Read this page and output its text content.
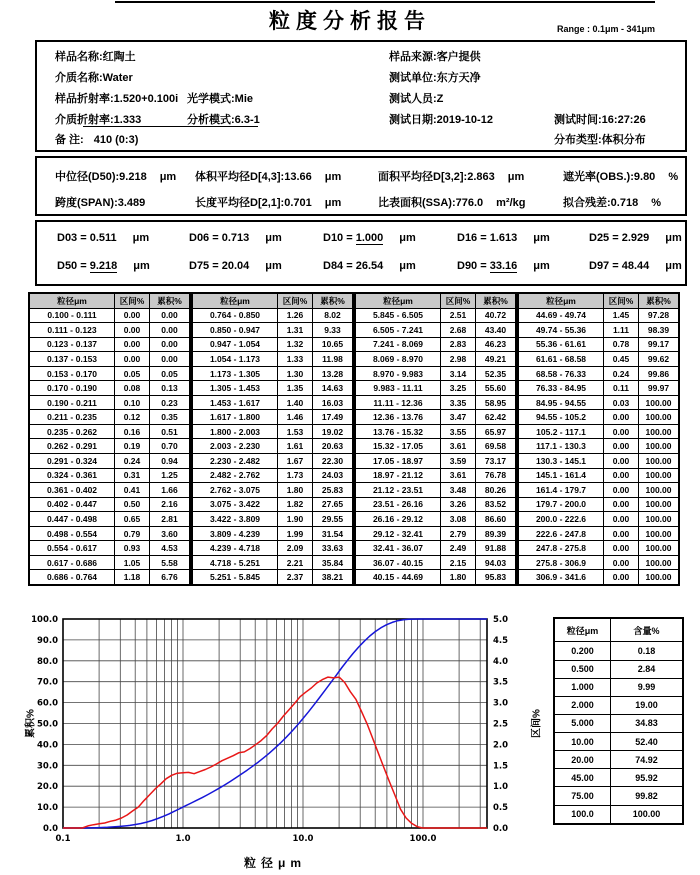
粒度分析报告	Range : 0.1μm - 341μm
样品名称:红陶土	样品来源:客户提供
介质名称:Water	测试单位:东方天净
样品折射率:1.520+0.100i 光学模式:Mie	测试人员:Z
介质折射率:1.333	分析模式:6.3-1	测试日期:2019-10-12	测试时间:16:27:26
备 注: 410 (0:3)	分布类型:体积分布
中位径(D50):9.218 μm 体积平均径D[4,3]:13.66 μm	面积平均径D[3,2]:2.863 μm	遮光率(OBS.):9.80 %
跨度(SPAN):3.489	长度平均径D[2,1]:0.701 μm	比表面积(SSA):776.0 m²/kg	拟合残差:0.718 %
D03 = 0.511 μm	D06 = 0.713 μm	D10 = 1.000 μm	D16 = 1.613 μm	D25 = 2.929 μm
D50 = 9.218 μm	D75 = 20.04 μm	D84 = 26.54 μm	D90 = 33.16 μm	D97 = 48.44 μm
粒径μm	区间%	累积%
0.100 - 0.111	0.00	0.00
0.111 - 0.123	0.00	0.00
0.123 - 0.137	0.00	0.00
0.137 - 0.153	0.00	0.00
0.153 - 0.170	0.05	0.05
0.170 - 0.190	0.08	0.13
0.190 - 0.211	0.10	0.23
0.211 - 0.235	0.12	0.35
0.235 - 0.262	0.16	0.51
0.262 - 0.291	0.19	0.70
0.291 - 0.324	0.24	0.94
0.324 - 0.361	0.31	1.25
0.361 - 0.402	0.41	1.66
0.402 - 0.447	0.50	2.16
0.447 - 0.498	0.65	2.81
0.498 - 0.554	0.79	3.60
0.554 - 0.617	0.93	4.53
0.617 - 0.686	1.05	5.58
0.686 - 0.764	1.18	6.76
粒径μm	区间%	累积%
0.764 - 0.850	1.26	8.02
0.850 - 0.947	1.31	9.33
0.947 - 1.054	1.32	10.65
1.054 - 1.173	1.33	11.98
1.173 - 1.305	1.30	13.28
1.305 - 1.453	1.35	14.63
1.453 - 1.617	1.40	16.03
1.617 - 1.800	1.46	17.49
1.800 - 2.003	1.53	19.02
2.003 - 2.230	1.61	20.63
2.230 - 2.482	1.67	22.30
2.482 - 2.762	1.73	24.03
2.762 - 3.075	1.80	25.83
3.075 - 3.422	1.82	27.65
3.422 - 3.809	1.90	29.55
3.809 - 4.239	1.99	31.54
4.239 - 4.718	2.09	33.63
4.718 - 5.251	2.21	35.84
5.251 - 5.845	2.37	38.21
粒径μm	区间%	累积%
5.845 - 6.505	2.51	40.72
6.505 - 7.241	2.68	43.40
7.241 - 8.069	2.83	46.23
8.069 - 8.970	2.98	49.21
8.970 - 9.983	3.14	52.35
9.983 - 11.11	3.25	55.60
11.11 - 12.36	3.35	58.95
12.36 - 13.76	3.47	62.42
13.76 - 15.32	3.55	65.97
15.32 - 17.05	3.61	69.58
17.05 - 18.97	3.59	73.17
18.97 - 21.12	3.61	76.78
21.12 - 23.51	3.48	80.26
23.51 - 26.16	3.26	83.52
26.16 - 29.12	3.08	86.60
29.12 - 32.41	2.79	89.39
32.41 - 36.07	2.49	91.88
36.07 - 40.15	2.15	94.03
40.15 - 44.69	1.80	95.83
粒径μm	区间%	累积%
44.69 - 49.74	1.45	97.28
49.74 - 55.36	1.11	98.39
55.36 - 61.61	0.78	99.17
61.61 - 68.58	0.45	99.62
68.58 - 76.33	0.24	99.86
76.33 - 84.95	0.11	99.97
84.95 - 94.55	0.03	100.00
94.55 - 105.2	0.00	100.00
105.2 - 117.1	0.00	100.00
117.1 - 130.3	0.00	100.00
130.3 - 145.1	0.00	100.00
145.1 - 161.4	0.00	100.00
161.4 - 179.7	0.00	100.00
179.7 - 200.0	0.00	100.00
200.0 - 222.6	0.00	100.00
222.6 - 247.8	0.00	100.00
247.8 - 275.8	0.00	100.00
275.8 - 306.9	0.00	100.00
306.9 - 341.6	0.00	100.00
0.0
10.0
20.0
30.0
40.0
50.0
60.0
70.0
80.0
90.0
100.0
0.0
0.5
1.0
1.5
2.0
2.5
3.0
3.5
4.0
4.5
5.0
0.1	1.0	10.0	100.0
累积%	区间%
粒径μm
粒径μm	含量%
0.200	0.18
0.500	2.84
1.000	9.99
2.000	19.00
5.000	34.83
10.00	52.40
20.00	74.92
45.00	95.92
75.00	99.82
100.0	100.00
